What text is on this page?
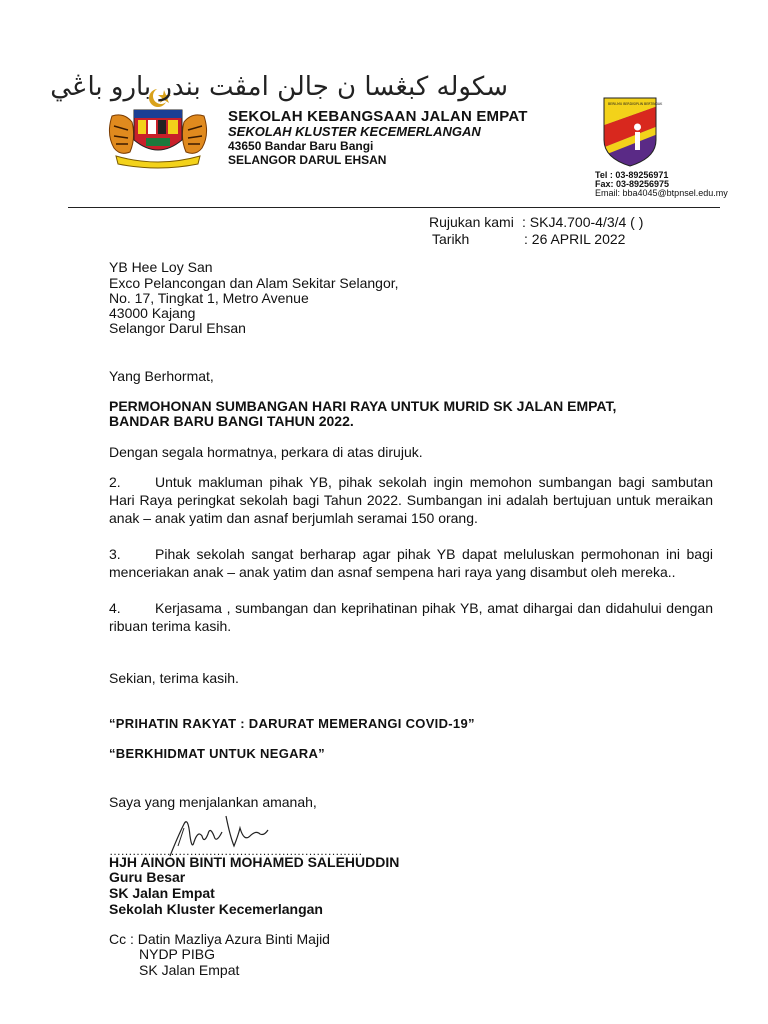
سکوله کبڠسا ن جالن امڤت بندر بارو باڠي
SEKOLAH KEBANGSAAN JALAN EMPAT
SEKOLAH KLUSTER KECEMERLANGAN
43650 Bandar Baru Bangi
SELANGOR DARUL EHSAN
BERILMU BERDISIPLIN BERTINDAK
Tel : 03-89256971
Fax: 03-89256975
Email: bba4045@btpnsel.edu.my
Rujukan kami : SKJ4.700-4/3/4 ( )
Tarikh	: 26 APRIL 2022
YB Hee Loy San
Exco Pelancongan dan Alam Sekitar Selangor,
No. 17, Tingkat 1, Metro Avenue
43000 Kajang
Selangor Darul Ehsan
Yang Berhormat,
PERMOHONAN SUMBANGAN HARI RAYA UNTUK MURID SK JALAN EMPAT,
BANDAR BARU BANGI TAHUN 2022.
Dengan segala hormatnya, perkara di atas dirujuk.
2. Untuk makluman pihak YB, pihak sekolah ingin memohon sumbangan bagi sambutan Hari Raya peringkat sekolah bagi Tahun 2022. Sumbangan ini adalah bertujuan untuk meraikan anak – anak yatim dan asnaf berjumlah seramai 150 orang.
3. Pihak sekolah sangat berharap agar pihak YB dapat meluluskan permohonan ini bagi menceriakan anak – anak yatim dan asnaf sempena hari raya yang disambut oleh mereka..
4. Kerjasama , sumbangan dan keprihatinan pihak YB, amat dihargai dan didahului dengan ribuan terima kasih.
Sekian, terima kasih.
“PRIHATIN RAKYAT : DARURAT MEMERANGI COVID-19”
“BERKHIDMAT UNTUK NEGARA”
Saya yang menjalankan amanah,
…………………………………………………………
HJH AINON BINTI MOHAMED SALEHUDDIN
Guru Besar
SK Jalan Empat
Sekolah Kluster Kecemerlangan
Cc : Datin Mazliya Azura Binti Majid
NYDP PIBG
SK Jalan Empat
